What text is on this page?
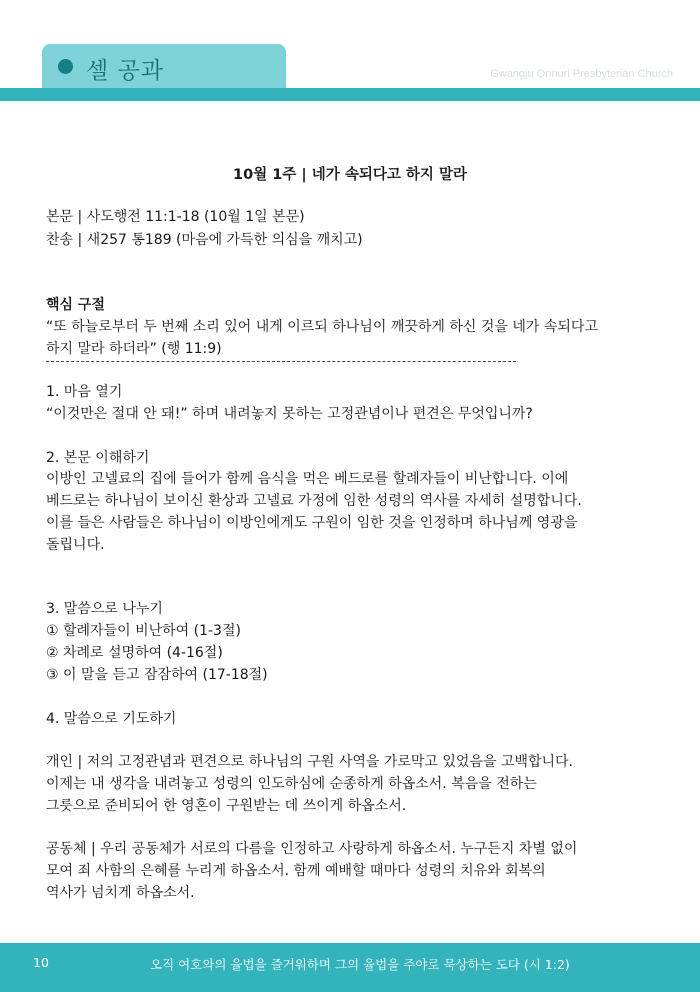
셀 공과	Gwangju Onnuri Presbyterian Church
10월 1주 | 네가 속되다고 하지 말라
본문 | 사도행전 11:1-18 (10월 1일 본문)
찬송 | 새257 통189 (마음에 가득한 의심을 깨치고)
핵심 구절
“또 하늘로부터 두 번째 소리 있어 내게 이르되 하나님이 깨끗하게 하신 것을 네가 속되다고
하지 말라 하더라” (행 11:9)
1. 마음 열기
“이것만은 절대 안 돼!” 하며 내려놓지 못하는 고정관념이나 편견은 무엇입니까?
2. 본문 이해하기
이방인 고넬료의 집에 들어가 함께 음식을 먹은 베드로를 할례자들이 비난합니다. 이에
베드로는 하나님이 보이신 환상과 고넬료 가정에 임한 성령의 역사를 자세히 설명합니다.
이를 들은 사람들은 하나님이 이방인에게도 구원이 임한 것을 인정하며 하나님께 영광을
돌립니다.
3. 말씀으로 나누기
① 할례자들이 비난하여 (1-3절)
② 차례로 설명하여 (4-16절)
③ 이 말을 듣고 잠잠하여 (17-18절)
4. 말씀으로 기도하기
개인 | 저의 고정관념과 편견으로 하나님의 구원 사역을 가로막고 있었음을 고백합니다.
이제는 내 생각을 내려놓고 성령의 인도하심에 순종하게 하옵소서. 복음을 전하는
그릇으로 준비되어 한 영혼이 구원받는 데 쓰이게 하옵소서.
공동체 | 우리 공동체가 서로의 다름을 인정하고 사랑하게 하옵소서. 누구든지 차별 없이
모여 죄 사함의 은혜를 누리게 하옵소서. 함께 예배할 때마다 성령의 치유와 회복의
역사가 넘치게 하옵소서.
10	오직 여호와의 율법을 즐거워하며 그의 율법을 주야로 묵상하는 도다 (시 1:2)
